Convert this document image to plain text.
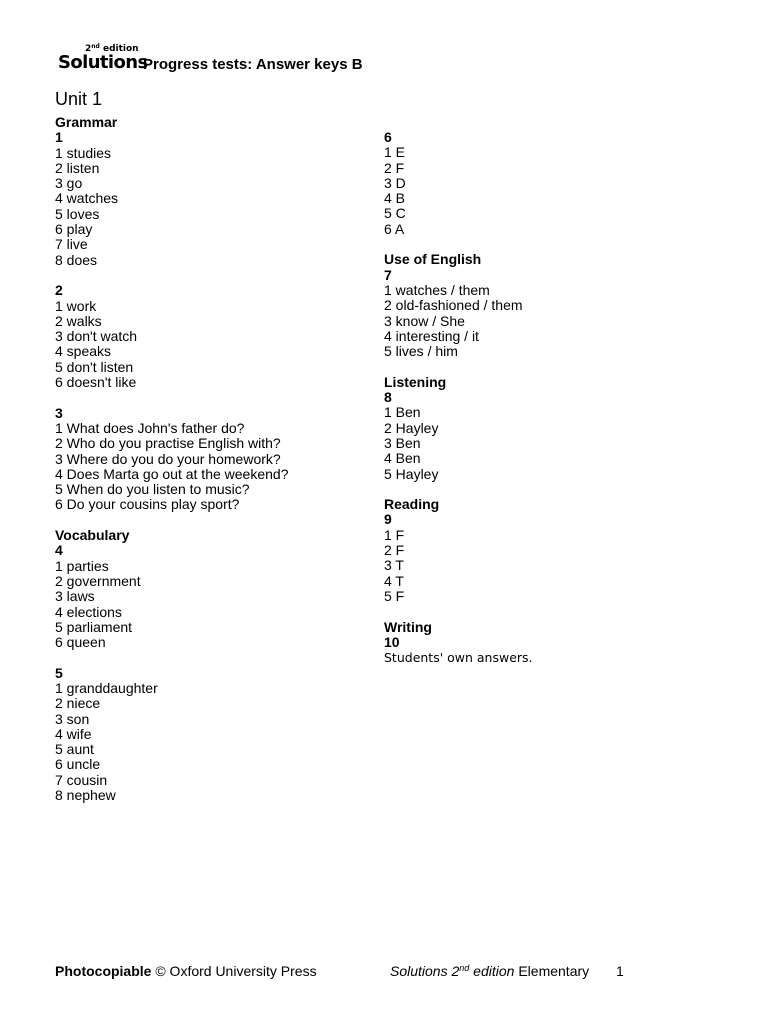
2nd edition
Solutions
Progress tests: Answer keys B
Unit 1
Grammar
1
1 studies
2 listen
3 go
4 watches
5 loves
6 play
7 live
8 does
2
1 work
2 walks
3 don't watch
4 speaks
5 don't listen
6 doesn't like
3
1 What does John's father do?
2 Who do you practise English with?
3 Where do you do your homework?
4 Does Marta go out at the weekend?
5 When do you listen to music?
6 Do your cousins play sport?
Vocabulary
4
1 parties
2 government
3 laws
4 elections
5 parliament
6 queen
5
1 granddaughter
2 niece
3 son
4 wife
5 aunt
6 uncle
7 cousin
8 nephew
6
1 E
2 F
3 D
4 B
5 C
6 A
Use of English
7
1 watches / them
2 old-fashioned / them
3 know / She
4 interesting / it
5 lives / him
Listening
8
1 Ben
2 Hayley
3 Ben
4 Ben
5 Hayley
Reading
9
1 F
2 F
3 T
4 T
5 F
Writing
10
Students' own answers.
Photocopiable © Oxford University Press	Solutions 2nd edition Elementary 1
